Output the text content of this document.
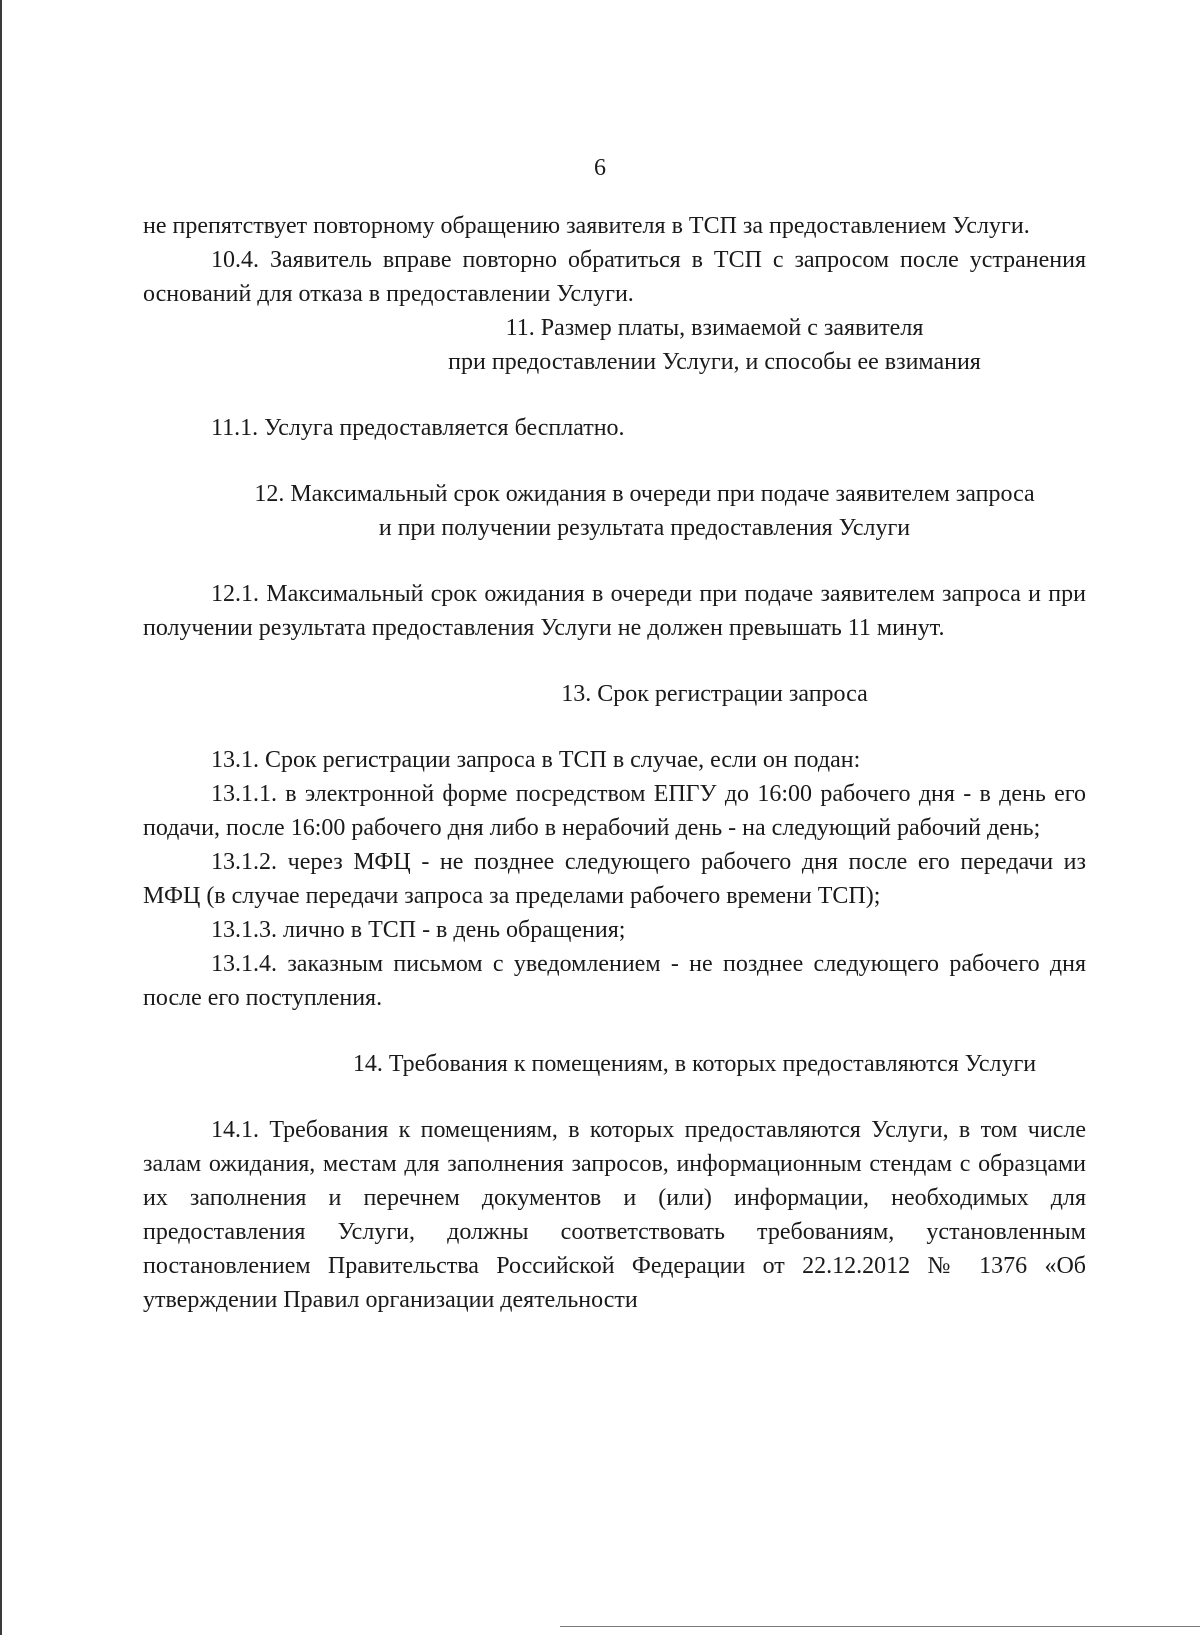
6

не препятствует повторному обращению заявителя в ТСП за предоставлением Услуги.

10.4. Заявитель вправе повторно обратиться в ТСП с запросом после устранения оснований для отказа в предоставлении Услуги.

11. Размер платы, взимаемой с заявителя

при предоставлении Услуги, и способы ее взимания

11.1. Услуга предоставляется бесплатно.

12. Максимальный срок ожидания в очереди при подаче заявителем запроса

и при получении результата предоставления Услуги

12.1. Максимальный срок ожидания в очереди при подаче заявителем запроса и при получении результата предоставления Услуги не должен превышать 11 минут.

13. Срок регистрации запроса

13.1. Срок регистрации запроса в ТСП в случае, если он подан:

13.1.1. в электронной форме посредством ЕПГУ до 16:00 рабочего дня - в день его подачи, после 16:00 рабочего дня либо в нерабочий день - на следующий рабочий день;

13.1.2. через МФЦ - не позднее следующего рабочего дня после его передачи из МФЦ (в случае передачи запроса за пределами рабочего времени ТСП);

13.1.3. лично в ТСП - в день обращения;

13.1.4. заказным письмом с уведомлением - не позднее следующего рабочего дня после его поступления.

14. Требования к помещениям, в которых предоставляются Услуги

14.1. Требования к помещениям, в которых предоставляются Услуги, в том числе залам ожидания, местам для заполнения запросов, информационным стендам с образцами их заполнения и перечнем документов и (или) информации, необходимых для предоставления Услуги, должны соответствовать требованиям, установленным постановлением Правительства Российской Федерации от 22.12.2012 № 1376 «Об утверждении Правил организации деятельности
